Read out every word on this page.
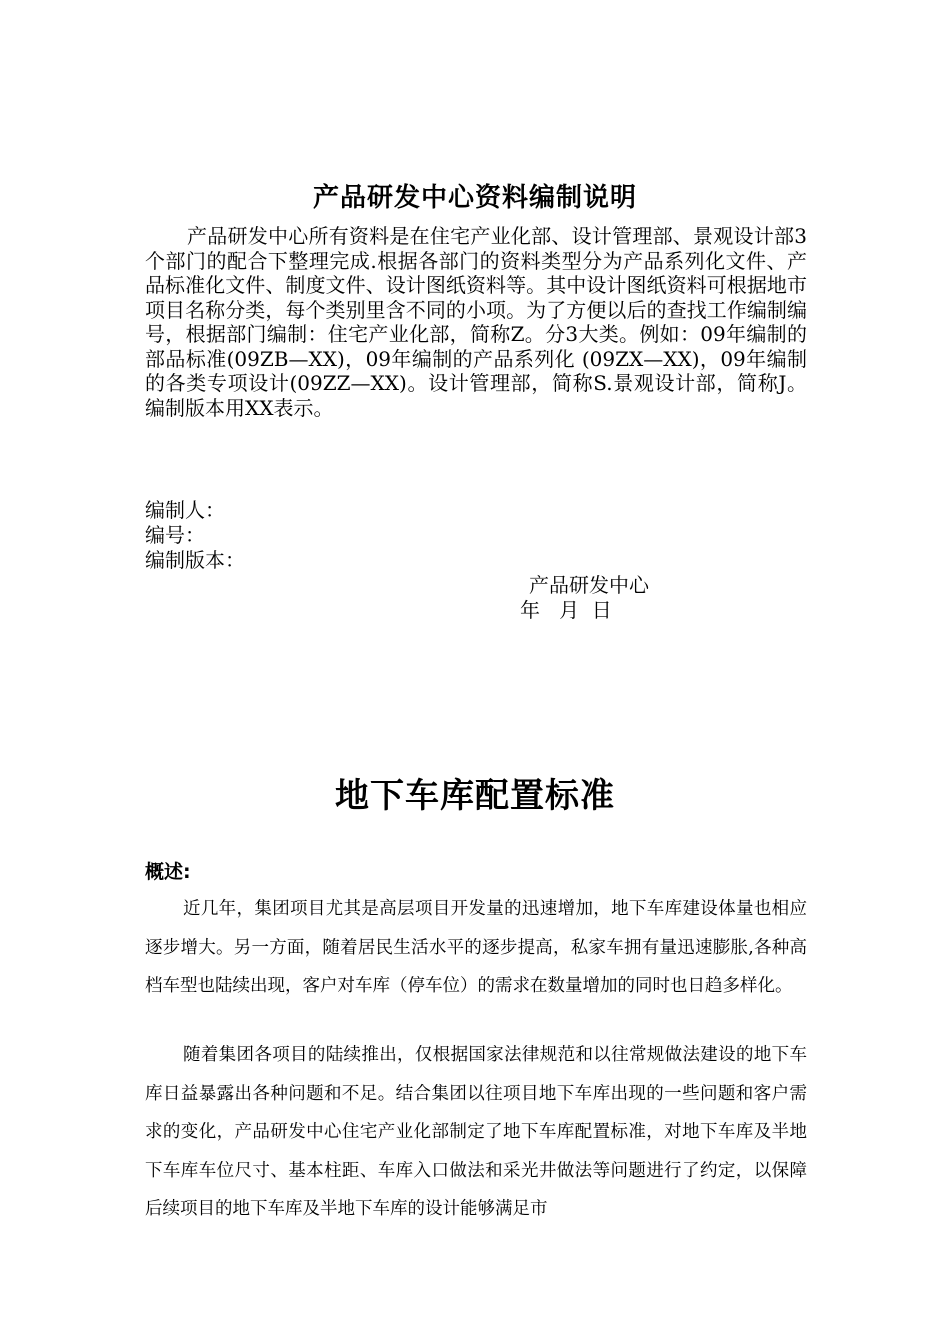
产品研发中心资料编制说明

产品研发中心所有资料是在住宅产业化部、设计管理部、景观设计部3个部门的配合下整理完成.根据各部门的资料类型分为产品系列化文件、产品标准化文件、制度文件、设计图纸资料等。其中设计图纸资料可根据地市项目名称分类，每个类别里含不同的小项。为了方便以后的查找工作编制编号，根据部门编制：住宅产业化部，简称Z。分3大类。例如：09年编制的部品标准(09ZB—XX)，09年编制的产品系列化 (09ZX—XX)，09年编制的各类专项设计(09ZZ—XX)。设计管理部，简称S.景观设计部，简称J。编制版本用XX表示。

编制人：
编号：
编制版本：
产品研发中心
年   月  日
地下车库配置标准
概述:

近几年，集团项目尤其是高层项目开发量的迅速增加，地下车库建设体量也相应逐步增大。另一方面，随着居民生活水平的逐步提高，私家车拥有量迅速膨胀,各种高档车型也陆续出现，客户对车库（停车位）的需求在数量增加的同时也日趋多样化。

随着集团各项目的陆续推出，仅根据国家法律规范和以往常规做法建设的地下车库日益暴露出各种问题和不足。结合集团以往项目地下车库出现的一些问题和客户需求的变化，产品研发中心住宅产业化部制定了地下车库配置标准，对地下车库及半地下车库车位尺寸、基本柱距、车库入口做法和采光井做法等问题进行了约定，以保障后续项目的地下车库及半地下车库的设计能够满足市
